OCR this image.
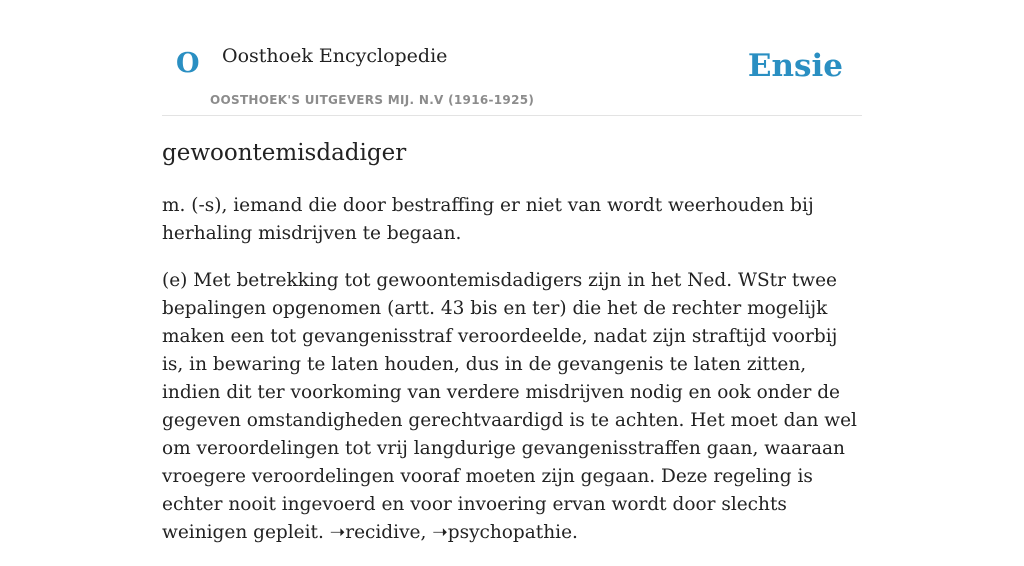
O Oosthoek Encyclopedie
OOSTHOEK'S UITGEVERS MIJ. N.V (1916-1925)
Ensie
gewoontemisdadiger

m. (-s), iemand die door bestraffing er niet van wordt weerhouden bij herhaling misdrijven te begaan.

(e) Met betrekking tot gewoontemisdadigers zijn in het Ned. WStr twee bepalingen opgenomen (artt. 43 bis en ter) die het de rechter mogelijk maken een tot gevangenisstraf veroordeelde, nadat zijn straftijd voorbij is, in bewaring te laten houden, dus in de gevangenis te laten zitten, indien dit ter voorkoming van verdere misdrijven nodig en ook onder de gegeven omstandigheden gerechtvaardigd is te achten. Het moet dan wel om veroordelingen tot vrij langdurige gevangenisstraffen gaan, waaraan vroegere veroordelingen vooraf moeten zijn gegaan. Deze regeling is echter nooit ingevoerd en voor invoering ervan wordt door slechts weinigen gepleit. ➝recidive, ➝psychopathie.
